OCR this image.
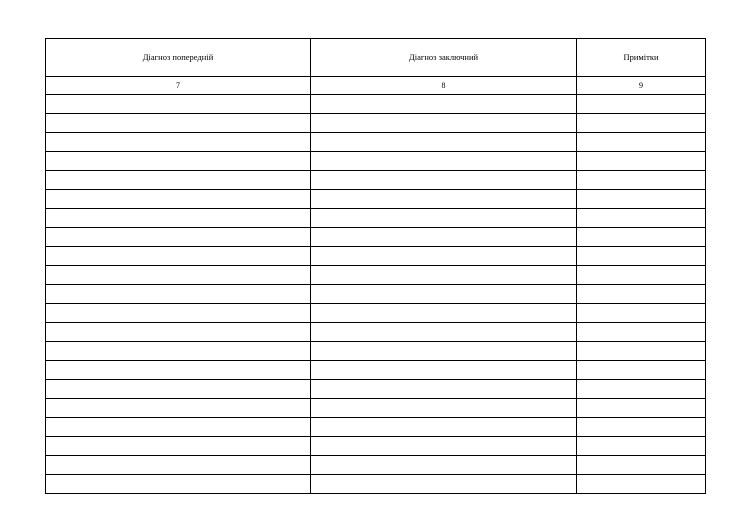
Діагноз попередній	Діагноз заключний	Примітки
7	8	9
